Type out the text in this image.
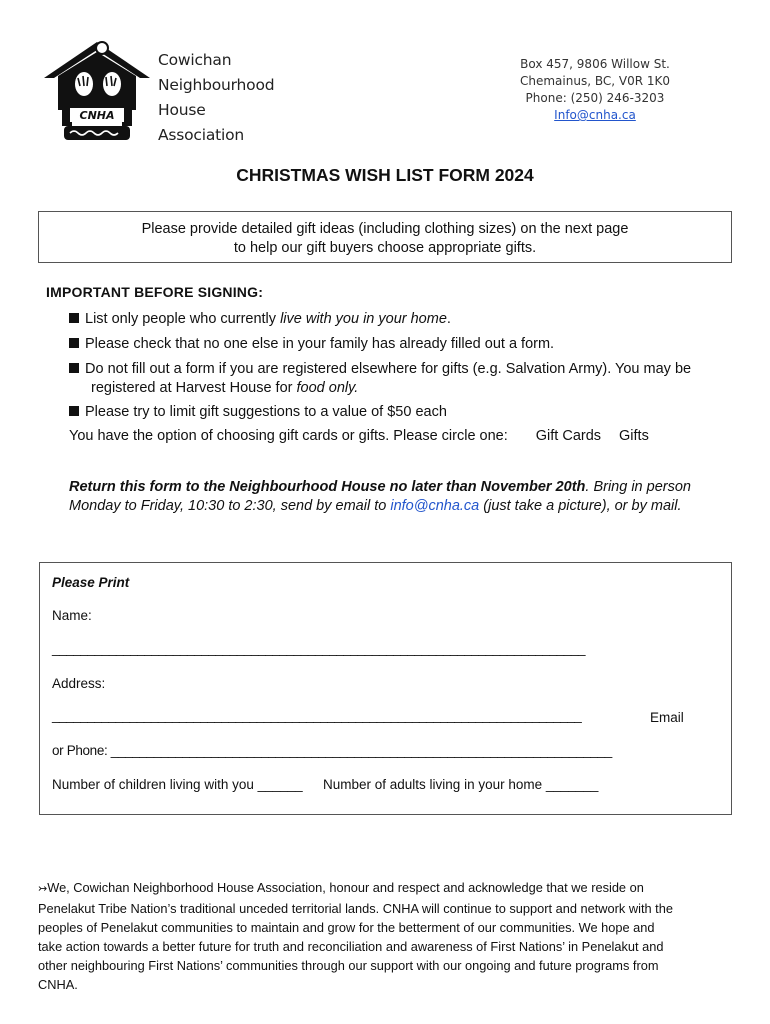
CNHA
Cowichan
Neighbourhood
House
Association
Box 457, 9806 Willow St.
Chemainus, BC, V0R 1K0
Phone: (250) 246-3203
Info@cnha.ca
CHRISTMAS WISH LIST FORM 2024
Please provide detailed gift ideas (including clothing sizes) on the next page
to help our gift buyers choose appropriate gifts.
IMPORTANT BEFORE SIGNING:
List only people who currently live with you in your home.
Please check that no one else in your family has already filled out a form.
Do not fill out a form if you are registered elsewhere for gifts (e.g. Salvation Army). You may be
registered at Harvest House for food only.
Please try to limit gift suggestions to a value of $50 each
You have the option of choosing gift cards or gifts. Please circle one: Gift Cards Gifts
Return this form to the Neighbourhood House no later than November 20th. Bring in person
Monday to Friday, 10:30 to 2:30, send by email to info@cnha.ca (just take a picture), or by mail.
Please Print
Name:
___________________________________________________________________________
Address:
___________________________________________________________________________	Email
or Phone: ______________________________________________________________________
Number of children living with you ______ Number of adults living in your home _______
↣We, Cowichan Neighborhood House Association, honour and respect and acknowledge that we reside on
Penelakut Tribe Nation’s traditional unceded territorial lands. CNHA will continue to support and network with the
peoples of Penelakut communities to maintain and grow for the betterment of our communities. We hope and
take action towards a better future for truth and reconciliation and awareness of First Nations’ in Penelakut and
other neighbouring First Nations’ communities through our support with our ongoing and future programs from
CNHA.
